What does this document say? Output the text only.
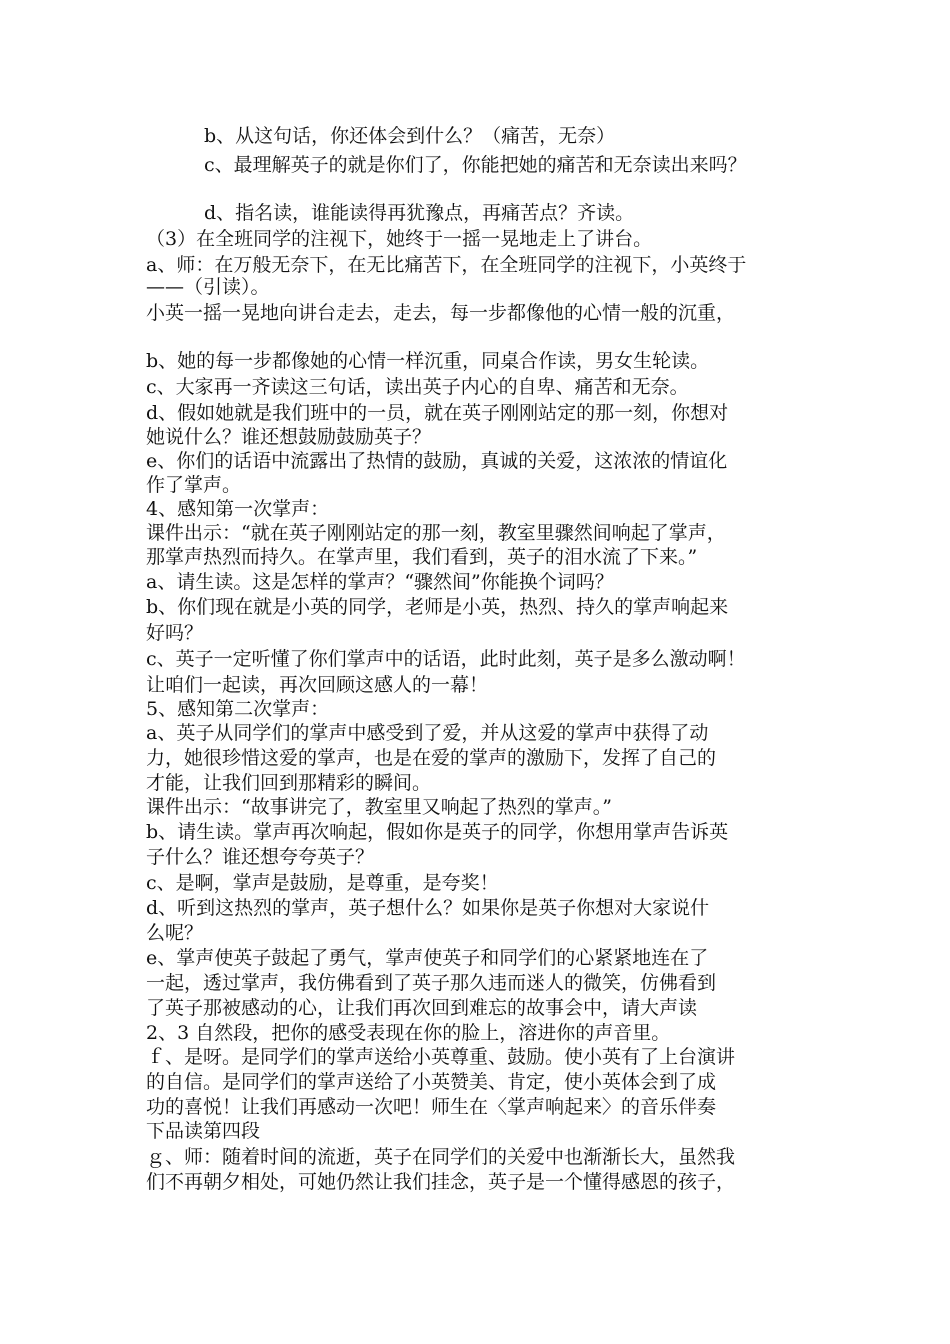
b、从这句话，你还体会到什么？（痛苦，无奈）
c、最理解英子的就是你们了，你能把她的痛苦和无奈读出来吗？
d、指名读，谁能读得再犹豫点，再痛苦点？齐读。
（3）在全班同学的注视下，她终于一摇一晃地走上了讲台。
a、师：在万般无奈下，在无比痛苦下，在全班同学的注视下，小英终于
——（引读）。
小英一摇一晃地向讲台走去，走去，每一步都像他的心情一般的沉重，
b、她的每一步都像她的心情一样沉重，同桌合作读，男女生轮读。
c、大家再一齐读这三句话，读出英子内心的自卑、痛苦和无奈。
d、假如她就是我们班中的一员，就在英子刚刚站定的那一刻，你想对
她说什么？谁还想鼓励鼓励英子？
e、你们的话语中流露出了热情的鼓励，真诚的关爱，这浓浓的情谊化
作了掌声。
4、感知第一次掌声：
课件出示：“就在英子刚刚站定的那一刻，教室里骤然间响起了掌声，
那掌声热烈而持久。在掌声里，我们看到，英子的泪水流了下来。”
a、请生读。这是怎样的掌声？“骤然间”你能换个词吗？
b、你们现在就是小英的同学，老师是小英，热烈、持久的掌声响起来
好吗？
c、英子一定听懂了你们掌声中的话语，此时此刻，英子是多么激动啊！
让咱们一起读，再次回顾这感人的一幕！
5、感知第二次掌声：
a、英子从同学们的掌声中感受到了爱，并从这爱的掌声中获得了动
力，她很珍惜这爱的掌声，也是在爱的掌声的激励下，发挥了自己的
才能，让我们回到那精彩的瞬间。
课件出示：“故事讲完了，教室里又响起了热烈的掌声。”
b、请生读。掌声再次响起，假如你是英子的同学，你想用掌声告诉英
子什么？谁还想夸夸英子？
c、是啊，掌声是鼓励，是尊重，是夸奖！
d、听到这热烈的掌声，英子想什么？如果你是英子你想对大家说什
么呢？
e、掌声使英子鼓起了勇气，掌声使英子和同学们的心紧紧地连在了
一起，透过掌声，我仿佛看到了英子那久违而迷人的微笑，仿佛看到
了英子那被感动的心，让我们再次回到难忘的故事会中，请大声读
2、3 自然段，把你的感受表现在你的脸上，溶进你的声音里。
ｆ、是呀。是同学们的掌声送给小英尊重、鼓励。使小英有了上台演讲
的自信。是同学们的掌声送给了小英赞美、肯定，使小英体会到了成
功的喜悦！让我们再感动一次吧！师生在〈掌声响起来〉的音乐伴奏
下品读第四段
ｇ、师：随着时间的流逝，英子在同学们的关爱中也渐渐长大，虽然我
们不再朝夕相处，可她仍然让我们挂念，英子是一个懂得感恩的孩子，
